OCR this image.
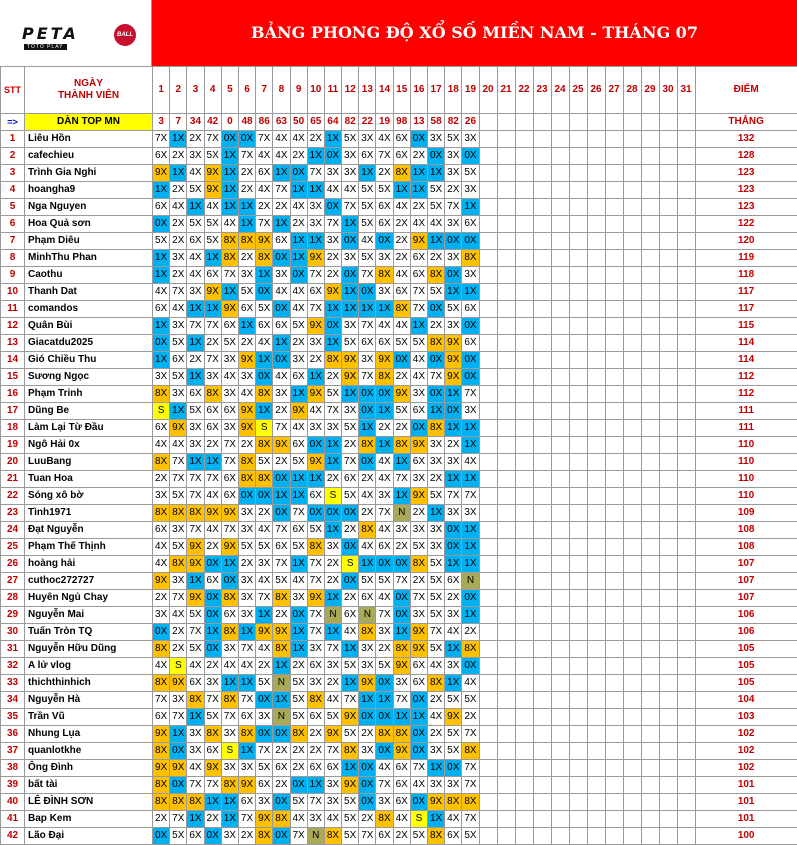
PETA	BALL
TOTO PLAY
BẢNG PHONG ĐỘ XỔ SỐ MIỀN NAM - THÁNG 07
STT	NGÀY
THÀNH VIÊN	1	2	3	4	5	6	7	8	9	10	11	12	13	14	15	16	17	18	19	20	21	22	23	24	25	26	27	28	29	30	31	ĐIỂM
=>	DÀN TOP MN	3	7	34	42	0	48	86	63	50	65	64	82	22	19	98	13	58	82	26													THẮNG
1	Liêu Hồn	7X	1X	2X	7X	0X	0X	7X	4X	4X	2X	1X	5X	3X	4X	6X	0X	3X	5X	3X													132
2	cafechieu	6X	2X	3X	5X	1X	7X	4X	4X	2X	1X	0X	3X	6X	7X	6X	2X	0X	3X	0X													128
3	Trình Gia Nghi	9X	1X	4X	9X	1X	2X	6X	1X	0X	7X	3X	3X	1X	2X	8X	1X	1X	3X	5X													123
4	hoangha9	1X	2X	5X	9X	1X	2X	4X	7X	1X	1X	4X	4X	5X	5X	1X	1X	5X	2X	3X													123
5	Nga Nguyen	6X	4X	1X	4X	1X	1X	2X	2X	4X	3X	0X	7X	5X	6X	4X	2X	5X	7X	1X													123
6	Hoa Quả sơn	0X	2X	5X	5X	4X	1X	7X	1X	2X	3X	7X	1X	5X	6X	2X	4X	4X	3X	6X													122
7	Phạm Diêu	5X	2X	6X	5X	8X	8X	9X	6X	1X	1X	3X	0X	4X	0X	2X	9X	1X	0X	0X													120
8	MinhThu Phan	1X	3X	4X	1X	8X	2X	8X	0X	1X	9X	2X	3X	5X	3X	2X	6X	2X	3X	8X													119
9	Caothu	1X	2X	4X	6X	7X	3X	1X	3X	0X	7X	2X	0X	7X	8X	4X	6X	8X	0X	3X													118
10	Thanh Dat	4X	7X	3X	9X	1X	5X	0X	4X	4X	6X	9X	1X	0X	3X	6X	7X	5X	1X	1X													117
11	comandos	6X	4X	1X	1X	9X	6X	5X	0X	4X	7X	1X	1X	1X	1X	8X	7X	0X	5X	6X													117
12	Quân Bùi	1X	3X	7X	7X	6X	1X	6X	6X	5X	9X	0X	3X	7X	4X	4X	1X	2X	3X	0X													115
13	Giacatdu2025	0X	5X	1X	2X	5X	2X	4X	1X	2X	3X	1X	5X	6X	6X	5X	5X	8X	9X	6X													114
14	Gió Chiều Thu	1X	6X	2X	7X	3X	9X	1X	0X	3X	2X	8X	9X	3X	9X	0X	4X	0X	9X	0X													114
15	Sương Ngọc	3X	5X	1X	3X	4X	3X	0X	4X	6X	1X	2X	9X	7X	8X	2X	4X	7X	9X	0X													112
16	Phạm Trinh	8X	3X	6X	8X	3X	4X	8X	3X	1X	9X	5X	1X	0X	0X	9X	3X	0X	1X	7X													112
17	Dũng Be	S	1X	5X	6X	6X	9X	1X	2X	9X	4X	7X	3X	0X	1X	5X	6X	1X	0X	3X													111
18	Làm Lại Từ Đầu	6X	9X	3X	6X	3X	9X	S	7X	4X	3X	3X	5X	1X	2X	2X	0X	8X	1X	1X													111
19	Ngô Hải 0x	4X	4X	3X	2X	7X	2X	8X	9X	6X	0X	1X	2X	8X	1X	8X	9X	3X	2X	1X													110
20	LuuBang	8X	7X	1X	1X	7X	8X	5X	2X	5X	9X	1X	7X	0X	4X	1X	6X	3X	3X	4X													110
21	Tuan Hoa	2X	7X	7X	7X	6X	8X	8X	0X	1X	1X	2X	6X	2X	4X	7X	3X	2X	1X	1X													110
22	Sóng xô bờ	3X	5X	7X	4X	6X	0X	0X	1X	1X	6X	S	5X	4X	3X	1X	9X	5X	7X	7X													110
23	Tình1971	8X	8X	8X	9X	9X	3X	2X	0X	7X	0X	0X	0X	2X	7X	N	2X	1X	3X	3X													109
24	Đạt Nguyễn	6X	3X	7X	4X	7X	3X	4X	7X	6X	5X	1X	2X	8X	4X	3X	3X	3X	0X	1X													108
25	Phạm Thế Thịnh	4X	5X	9X	2X	9X	5X	5X	6X	5X	8X	3X	0X	4X	6X	2X	5X	3X	0X	1X													108
26	hoàng hải	4X	8X	9X	0X	1X	2X	3X	7X	1X	7X	2X	S	1X	0X	0X	8X	5X	1X	1X													107
27	cuthoc272727	9X	3X	1X	6X	0X	3X	4X	5X	4X	7X	2X	0X	5X	5X	7X	2X	5X	6X	N													107
28	Huyên Ngủ Chay	2X	7X	9X	0X	8X	3X	7X	8X	3X	9X	1X	2X	6X	4X	0X	7X	5X	2X	0X													107
29	Nguyễn Mai	3X	4X	5X	0X	6X	3X	1X	2X	0X	7X	N	6X	N	7X	0X	3X	5X	3X	1X													106
30	Tuấn Tròn TQ	0X	2X	7X	1X	8X	1X	9X	9X	1X	7X	1X	4X	8X	3X	1X	9X	7X	4X	2X													106
31	Nguyễn Hữu Dũng	8X	2X	5X	0X	3X	7X	4X	8X	1X	3X	7X	1X	3X	2X	8X	9X	5X	1X	8X													105
32	A lử vlog	4X	S	4X	2X	4X	4X	2X	1X	2X	6X	3X	5X	3X	5X	9X	6X	4X	3X	0X													105
33	thichthinhich	8X	9X	6X	3X	1X	1X	5X	N	5X	3X	2X	1X	9X	0X	3X	6X	8X	1X	4X													105
34	Nguyễn Hà	7X	3X	8X	7X	8X	7X	0X	1X	5X	8X	4X	7X	1X	1X	7X	0X	2X	5X	5X													104
35	Trần Vũ	6X	7X	1X	5X	7X	6X	3X	N	5X	6X	5X	9X	0X	0X	1X	1X	4X	9X	2X													103
36	Nhung Lụa	9X	1X	3X	8X	3X	8X	0X	0X	8X	2X	9X	5X	2X	8X	8X	0X	2X	5X	7X													102
37	quanlotkhe	8X	0X	3X	6X	S	1X	7X	2X	2X	2X	7X	8X	3X	0X	9X	0X	3X	5X	8X													102
38	Ông Đình	9X	9X	4X	9X	3X	3X	5X	6X	2X	6X	6X	1X	0X	4X	6X	7X	1X	0X	7X													102
39	bất tài	8X	0X	7X	7X	8X	9X	6X	2X	0X	1X	3X	9X	0X	7X	6X	4X	3X	3X	7X													101
40	LÊ ĐÌNH SƠN	8X	8X	8X	1X	1X	6X	3X	0X	5X	7X	3X	5X	0X	3X	6X	0X	9X	8X	8X													101
41	Bap Kem	2X	7X	1X	2X	1X	7X	9X	8X	4X	3X	4X	5X	2X	8X	4X	S	1X	4X	7X													101
42	Lão Đại	0X	5X	6X	0X	3X	2X	8X	0X	7X	N	8X	5X	7X	6X	2X	5X	8X	6X	5X													100
